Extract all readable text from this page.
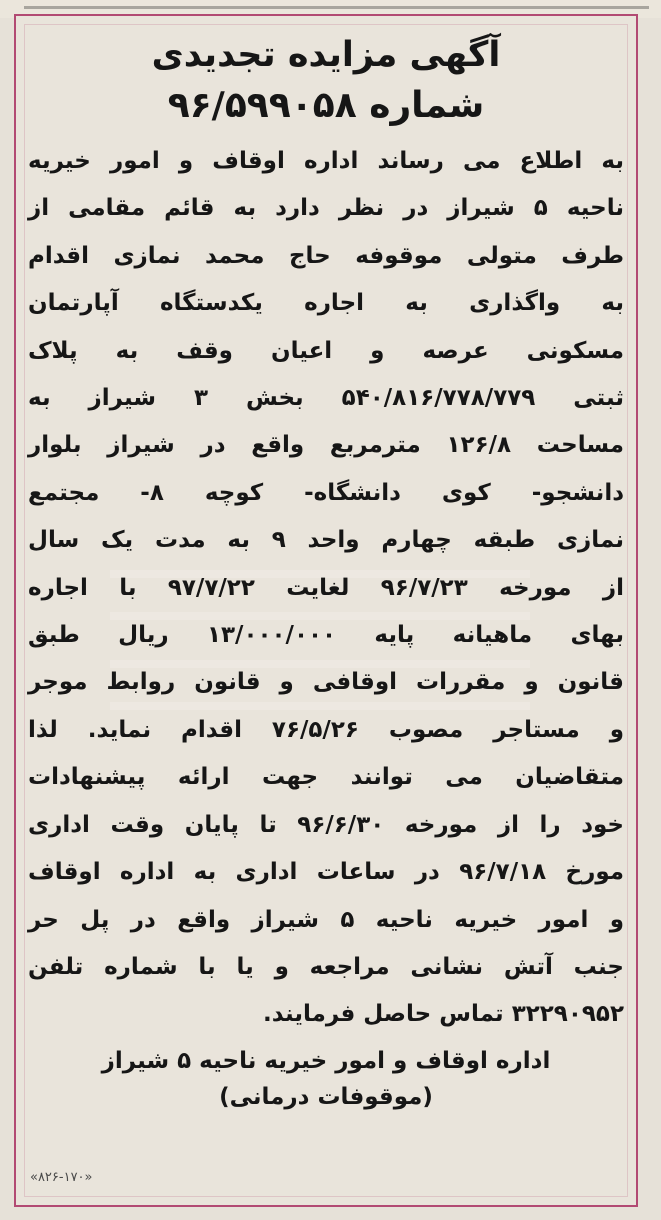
آگهی مزایده تجدیدی
شماره ۹۶/۵۹۹۰۵۸
به اطلاع می رساند اداره اوقاف و امور خیریه
ناحیه ۵ شیراز در نظر دارد به قائم مقامی از
طرف متولی موقوفه حاج محمد نمازی اقدام
به واگذاری به اجاره یکدستگاه آپارتمان
مسکونی عرصه و اعیان وقف به پلاک
ثبتی ۵۴۰/۸۱۶/۷۷۸/۷۷۹ بخش ۳ شیراز به
مساحت ۱۲۶/۸ مترمربع واقع در شیراز بلوار
دانشجو- کوی دانشگاه- کوچه ۸- مجتمع
نمازی طبقه چهارم واحد ۹ به مدت یک سال
از مورخه ۹۶/۷/۲۳ لغایت ۹۷/۷/۲۲ با اجاره
بهای ماهیانه پایه ۱۳/۰۰۰/۰۰۰ ریال طبق
قانون و مقررات اوقافی و قانون روابط موجر
و مستاجر مصوب ۷۶/۵/۲۶ اقدام نماید. لذا
متقاضیان می توانند جهت ارائه پیشنهادات
خود را از مورخه ۹۶/۶/۳۰ تا پایان وقت اداری
مورخ ۹۶/۷/۱۸ در ساعات اداری به اداره اوقاف
و امور خیریه ناحیه ۵ شیراز واقع در پل حر
جنب آتش نشانی مراجعه و یا با شماره تلفن
۳۲۲۹۰۹۵۲ تماس حاصل فرمایند.
اداره اوقاف و امور خیریه ناحیه ۵ شیراز
(موقوفات درمانی)
«۸۲۶-۱۷۰»
